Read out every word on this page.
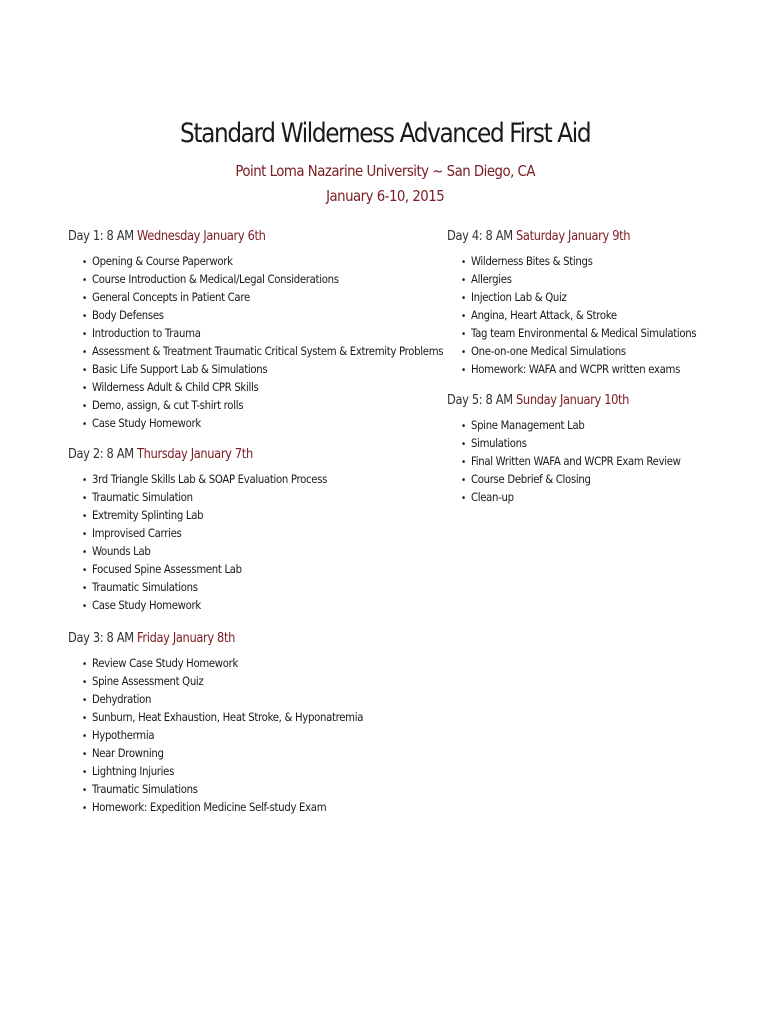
Standard Wilderness Advanced First Aid
Point Loma Nazarine University ~ San Diego, CA
January 6-10, 2015
Day 1: 8 AM Wednesday January 6th
• Opening & Course Paperwork
• Course Introduction & Medical/Legal Considerations
• General Concepts in Patient Care
• Body Defenses
• Introduction to Trauma
• Assessment & Treatment Traumatic Critical System & Extremity Problems
• Basic Life Support Lab & Simulations
• Wilderness Adult & Child CPR Skills
• Demo, assign, & cut T-shirt rolls
• Case Study Homework
Day 2: 8 AM Thursday January 7th
• 3rd Triangle Skills Lab & SOAP Evaluation Process
• Traumatic Simulation
• Extremity Splinting Lab
• Improvised Carries
• Wounds Lab
• Focused Spine Assessment Lab
• Traumatic Simulations
• Case Study Homework
Day 3: 8 AM Friday January 8th
• Review Case Study Homework
• Spine Assessment Quiz
• Dehydration
• Sunburn, Heat Exhaustion, Heat Stroke, & Hyponatremia
• Hypothermia
• Near Drowning
• Lightning Injuries
• Traumatic Simulations
• Homework: Expedition Medicine Self-study Exam
Day 4: 8 AM Saturday January 9th
• Wilderness Bites & Stings
• Allergies
• Injection Lab & Quiz
• Angina, Heart Attack, & Stroke
• Tag team Environmental & Medical Simulations
• One-on-one Medical Simulations
• Homework: WAFA and WCPR written exams
Day 5: 8 AM Sunday January 10th
• Spine Management Lab
• Simulations
• Final Written WAFA and WCPR Exam Review
• Course Debrief & Closing
• Clean-up
